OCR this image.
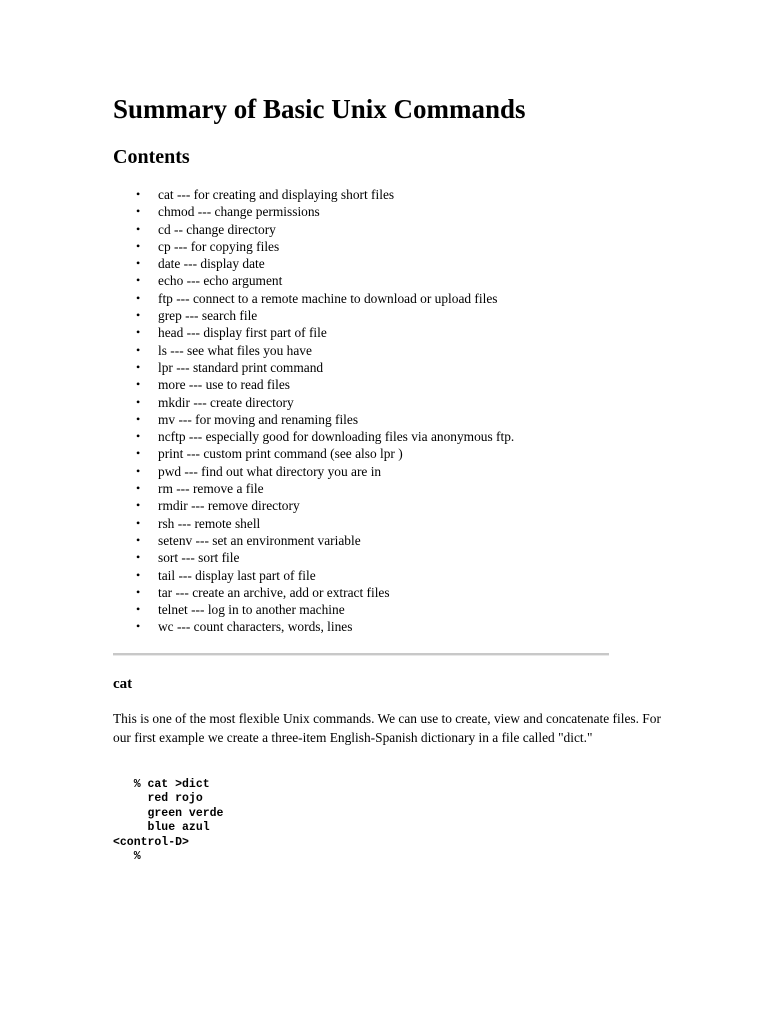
Summary of Basic Unix Commands
Contents
• cat --- for creating and displaying short files
• chmod --- change permissions
• cd -- change directory
• cp --- for copying files
• date --- display date
• echo --- echo argument
• ftp --- connect to a remote machine to download or upload files
• grep --- search file
• head --- display first part of file
• ls --- see what files you have
• lpr --- standard print command
• more --- use to read files
• mkdir --- create directory
• mv --- for moving and renaming files
• ncftp --- especially good for downloading files via anonymous ftp.
• print --- custom print command (see also lpr )
• pwd --- find out what directory you are in
• rm --- remove a file
• rmdir --- remove directory
• rsh --- remote shell
• setenv --- set an environment variable
• sort --- sort file
• tail --- display last part of file
• tar --- create an archive, add or extract files
• telnet --- log in to another machine
• wc --- count characters, words, lines
cat

This is one of the most flexible Unix commands. We can use to create, view and concatenate files. For our first example we create a three-item English-Spanish dictionary in a file called "dict."

% cat >dict
red rojo
green verde
blue azul
<control-D>
%
